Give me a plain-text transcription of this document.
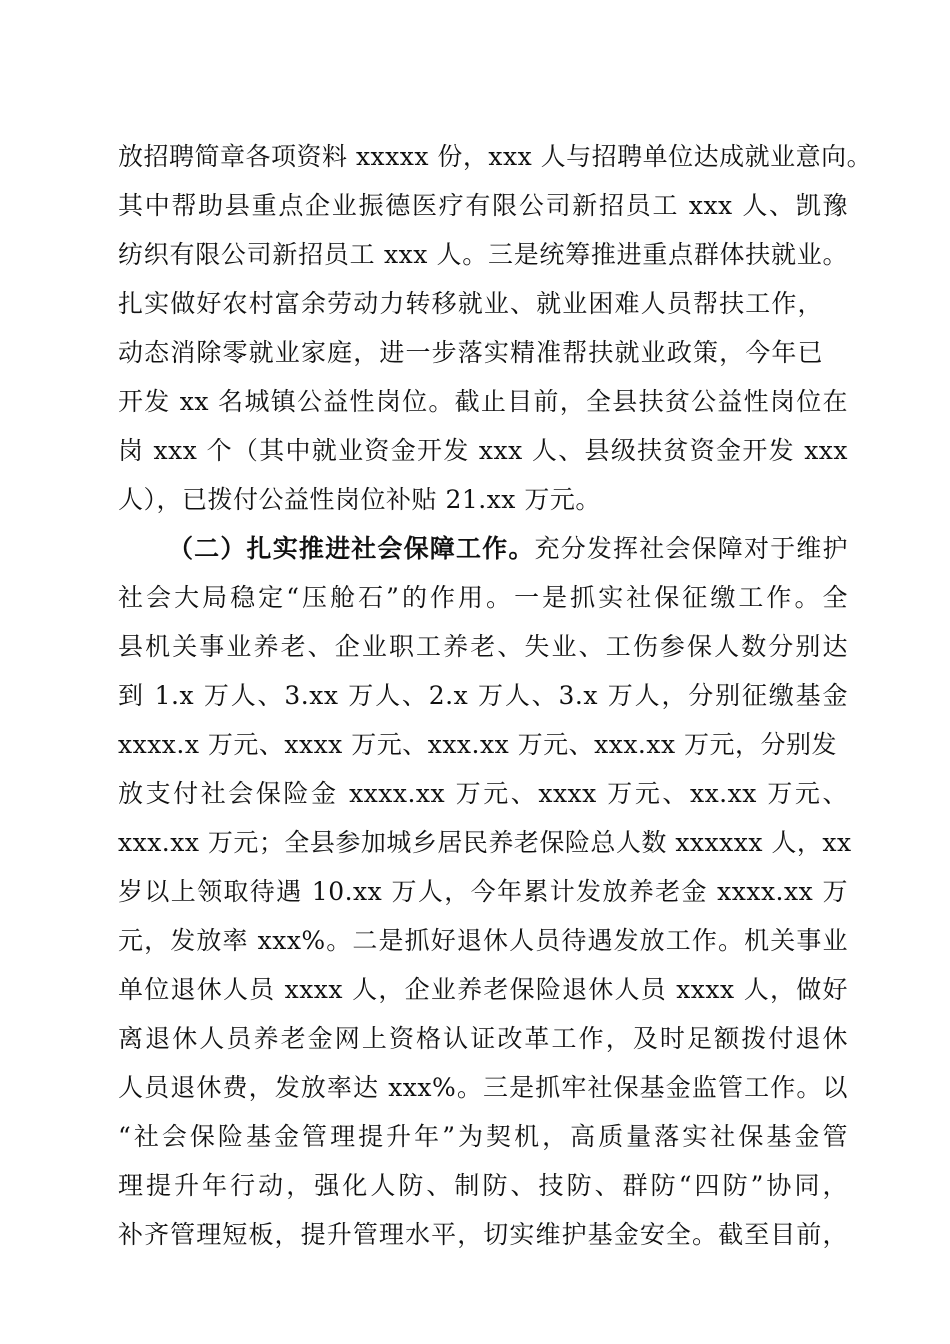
放招聘简章各项资料 xxxxx 份，xxx 人与招聘单位达成就业意向。
其中帮助县重点企业振德医疗有限公司新招员工 xxx 人、凯豫
纺织有限公司新招员工 xxx 人。三是统筹推进重点群体扶就业。
扎实做好农村富余劳动力转移就业、就业困难人员帮扶工作，
动态消除零就业家庭，进一步落实精准帮扶就业政策，今年已
开发 xx 名城镇公益性岗位。截止目前，全县扶贫公益性岗位在
岗 xxx 个（其中就业资金开发 xxx 人、县级扶贫资金开发 xxx
人），已拨付公益性岗位补贴 21.xx 万元。
（二）扎实推进社会保障工作。充分发挥社会保障对于维护
社会大局稳定“压舱石”的作用。一是抓实社保征缴工作。全
县机关事业养老、企业职工养老、失业、工伤参保人数分别达
到 1.x 万人、3.xx 万人、2.x 万人、3.x 万人，分别征缴基金
xxxx.x 万元、xxxx 万元、xxx.xx 万元、xxx.xx 万元，分别发
放支付社会保险金 xxxx.xx 万元、xxxx 万元、xx.xx 万元、
xxx.xx 万元；全县参加城乡居民养老保险总人数 xxxxxx 人，xx
岁以上领取待遇 10.xx 万人，今年累计发放养老金 xxxx.xx 万
元，发放率 xxx%。二是抓好退休人员待遇发放工作。机关事业
单位退休人员 xxxx 人，企业养老保险退休人员 xxxx 人，做好
离退休人员养老金网上资格认证改革工作，及时足额拨付退休
人员退休费，发放率达 xxx%。三是抓牢社保基金监管工作。以
“社会保险基金管理提升年”为契机，高质量落实社保基金管
理提升年行动，强化人防、制防、技防、群防“四防”协同，
补齐管理短板，提升管理水平，切实维护基金安全。截至目前，
